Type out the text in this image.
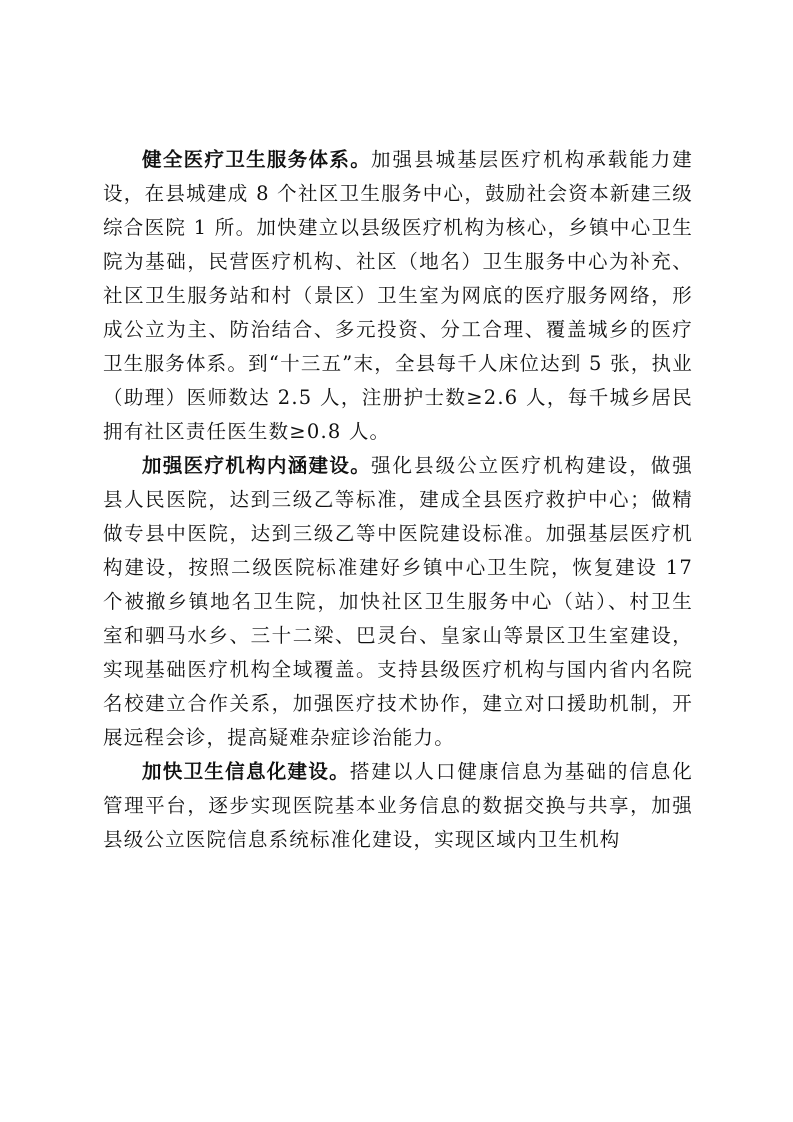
健全医疗卫生服务体系。加强县城基层医疗机构承载能力建设，在县城建成 8 个社区卫生服务中心，鼓励社会资本新建三级综合医院 1 所。加快建立以县级医疗机构为核心，乡镇中心卫生院为基础，民营医疗机构、社区（地名）卫生服务中心为补充、社区卫生服务站和村（景区）卫生室为网底的医疗服务网络，形成公立为主、防治结合、多元投资、分工合理、覆盖城乡的医疗卫生服务体系。到“十三五”末，全县每千人床位达到 5 张，执业（助理）医师数达 2.5 人，注册护士数≥2.6 人，每千城乡居民拥有社区责任医生数≥0.8 人。

加强医疗机构内涵建设。强化县级公立医疗机构建设，做强县人民医院，达到三级乙等标准，建成全县医疗救护中心；做精做专县中医院，达到三级乙等中医院建设标准。加强基层医疗机构建设，按照二级医院标准建好乡镇中心卫生院，恢复建设 17 个被撤乡镇地名卫生院，加快社区卫生服务中心（站）、村卫生室和驷马水乡、三十二梁、巴灵台、皇家山等景区卫生室建设，实现基础医疗机构全域覆盖。支持县级医疗机构与国内省内名院名校建立合作关系，加强医疗技术协作，建立对口援助机制，开展远程会诊，提高疑难杂症诊治能力。

加快卫生信息化建设。搭建以人口健康信息为基础的信息化管理平台，逐步实现医院基本业务信息的数据交换与共享，加强县级公立医院信息系统标准化建设，实现区域内卫生机构
